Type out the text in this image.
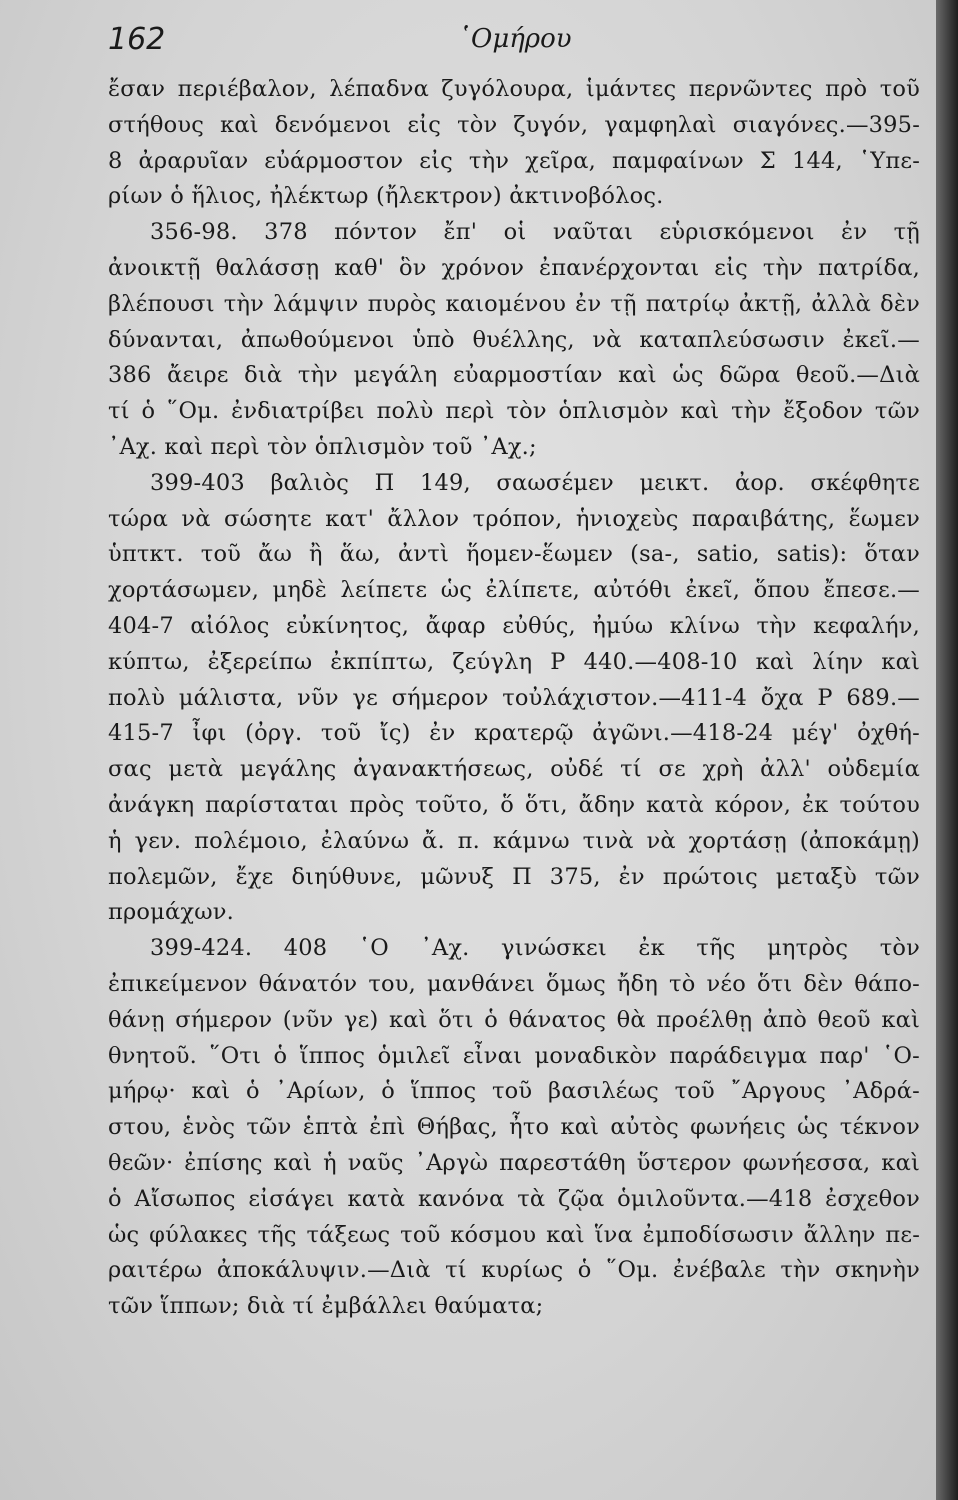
162	῾Ομήρου
ἔσαν περιέβαλον, λέπαδνα ζυγόλουρα, ἱμάντες περνῶντες πρὸ τοῦ
στήθους καὶ δενόμενοι εἰς τὸν ζυγόν, γαμφηλαὶ σιαγόνες.—395-
8 ἀραρυῖαν εὐάρμοστον εἰς τὴν χεῖρα, παμφαίνων Σ 144, ῾Υπε-
ρίων ὁ ἥλιος, ἠλέκτωρ (ἤλεκτρον) ἀκτινοβόλος.
356-98. 378 πόντον ἔπ' οἱ ναῦται εὑρισκόμενοι ἐν τῇ
ἀνοικτῇ θαλάσσῃ καθ' ὃν χρόνον ἐπανέρχονται εἰς τὴν πατρίδα,
βλέπουσι τὴν λάμψιν πυρὸς καιομένου ἐν τῇ πατρίῳ ἀκτῇ, ἀλλὰ δὲν
δύνανται, ἀπωθούμενοι ὑπὸ θυέλλης, νὰ καταπλεύσωσιν ἐκεῖ.—
386 ἄειρε διὰ τὴν μεγάλη εὐαρμοστίαν καὶ ὡς δῶρα θεοῦ.—Διὰ
τί ὁ ῞Ομ. ἐνδιατρίβει πολὺ περὶ τὸν ὁπλισμὸν καὶ τὴν ἔξοδον τῶν
᾽Αχ. καὶ περὶ τὸν ὁπλισμὸν τοῦ ᾽Αχ.;
399-403 βαλιὸς Π 149, σαωσέμεν μεικτ. ἀορ. σκέφθητε
τώρα νὰ σώσητε κατ' ἄλλον τρόπον, ἡνιοχεὺς παραιβάτης, ἕωμεν
ὑπτκτ. τοῦ ἄω ἢ ἅω, ἀντὶ ἥομεν-ἕωμεν (sa-, satio, satis): ὅταν
χορτάσωμεν, μηδὲ λείπετε ὡς ἐλίπετε, αὐτόθι ἐκεῖ, ὅπου ἔπεσε.—
404-7 αἰόλος εὐκίνητος, ἄφαρ εὐθύς, ἠμύω κλίνω τὴν κεφαλήν,
κύπτω, ἐξερείπω ἐκπίπτω, ζεύγλη Ρ 440.—408-10 καὶ λίην καὶ
πολὺ μάλιστα, νῦν γε σήμερον τοὐλάχιστον.—411-4 ὄχα Ρ 689.—
415-7 ἶφι (ὀργ. τοῦ ἴς) ἐν κρατερῷ ἀγῶνι.—418-24 μέγ' ὀχθή-
σας μετὰ μεγάλης ἀγανακτήσεως, οὐδέ τί σε χρὴ ἀλλ' οὐδεμία
ἀνάγκη παρίσταται πρὸς τοῦτο, ὅ ὅτι, ἄδην κατὰ κόρον, ἐκ τούτου
ἡ γεν. πολέμοιο, ἐλαύνω ἄ. π. κάμνω τινὰ νὰ χορτάσῃ (ἀποκάμῃ)
πολεμῶν, ἔχε διηύθυνε, μῶνυξ Π 375, ἐν πρώτοις μεταξὺ τῶν
προμάχων.
399-424. 408 ῾Ο ᾽Αχ. γινώσκει ἐκ τῆς μητρὸς τὸν
ἐπικείμενον θάνατόν του, μανθάνει ὅμως ἤδη τὸ νέο ὅτι δὲν θάπο-
θάνῃ σήμερον (νῦν γε) καὶ ὅτι ὁ θάνατος θὰ προέλθῃ ἀπὸ θεοῦ καὶ
θνητοῦ. ῞Οτι ὁ ἵππος ὁμιλεῖ εἶναι μοναδικὸν παράδειγμα παρ' ῾Ο-
μήρῳ· καὶ ὁ ᾽Αρίων, ὁ ἵππος τοῦ βασιλέως τοῦ ῎Αργους ᾽Αδρά-
στου, ἑνὸς τῶν ἑπτὰ ἐπὶ Θήβας, ἦτο καὶ αὐτὸς φωνήεις ὡς τέκνον
θεῶν· ἐπίσης καὶ ἡ ναῦς ᾽Αργὼ παρεστάθη ὕστερον φωνήεσσα, καὶ
ὁ Αἴσωπος εἰσάγει κατὰ κανόνα τὰ ζῷα ὁμιλοῦντα.—418 ἐσχεθον
ὡς φύλακες τῆς τάξεως τοῦ κόσμου καὶ ἵνα ἐμποδίσωσιν ἄλλην πε-
ραιτέρω ἀποκάλυψιν.—Διὰ τί κυρίως ὁ ῞Ομ. ἐνέβαλε τὴν σκηνὴν
τῶν ἵππων; διὰ τί ἐμβάλλει θαύματα;
